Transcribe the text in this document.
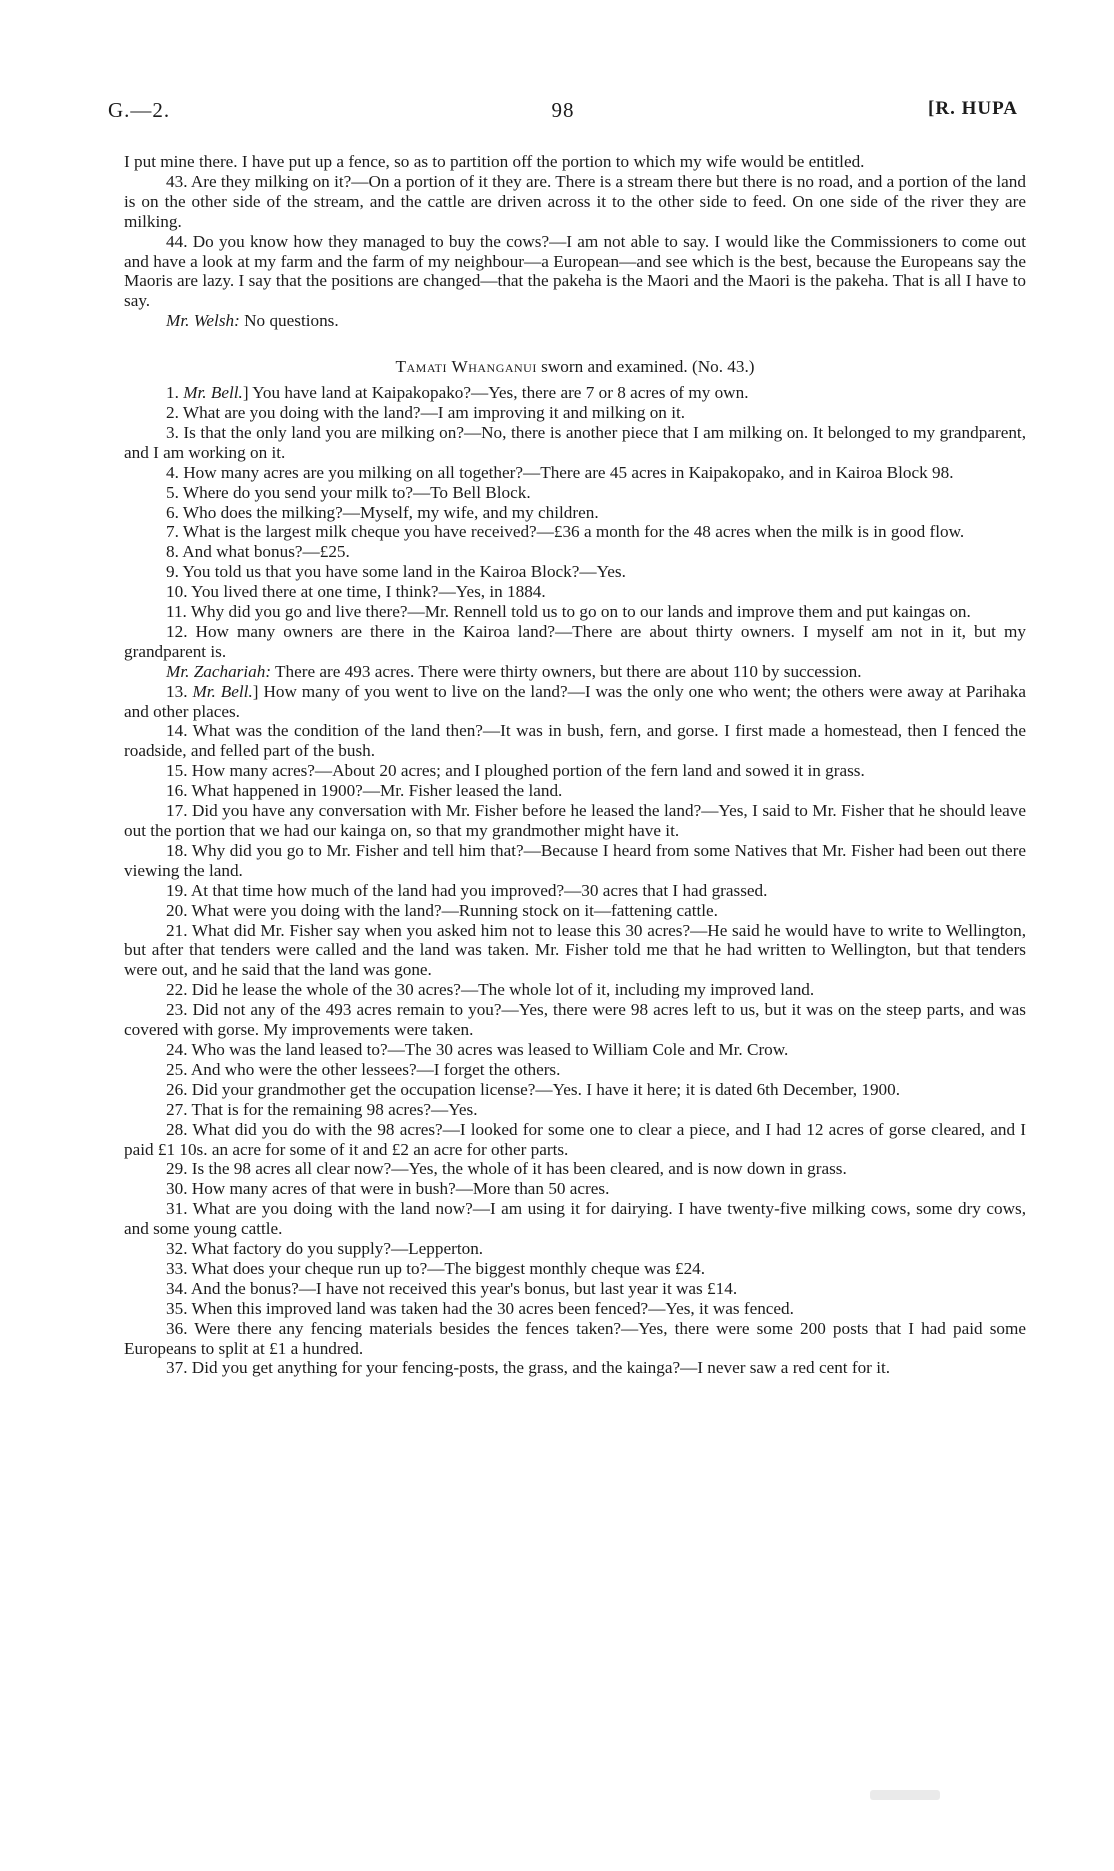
G.—2.	98	[R. HUPA

I put mine there. I have put up a fence, so as to partition off the portion to which my wife would be entitled.

43. Are they milking on it?—On a portion of it they are. There is a stream there but there is no road, and a portion of the land is on the other side of the stream, and the cattle are driven across it to the other side to feed. On one side of the river they are milking.

44. Do you know how they managed to buy the cows?—I am not able to say. I would like the Commissioners to come out and have a look at my farm and the farm of my neighbour—a European—and see which is the best, because the Europeans say the Maoris are lazy. I say that the positions are changed—that the pakeha is the Maori and the Maori is the pakeha. That is all I have to say.

Mr. Welsh: No questions.

Tamati Whanganui sworn and examined. (No. 43.)

1. Mr. Bell.] You have land at Kaipakopako?—Yes, there are 7 or 8 acres of my own.

2. What are you doing with the land?—I am improving it and milking on it.

3. Is that the only land you are milking on?—No, there is another piece that I am milking on. It belonged to my grandparent, and I am working on it.

4. How many acres are you milking on all together?—There are 45 acres in Kaipakopako, and in Kairoa Block 98.

5. Where do you send your milk to?—To Bell Block.

6. Who does the milking?—Myself, my wife, and my children.

7. What is the largest milk cheque you have received?—£36 a month for the 48 acres when the milk is in good flow.

8. And what bonus?—£25.

9. You told us that you have some land in the Kairoa Block?—Yes.

10. You lived there at one time, I think?—Yes, in 1884.

11. Why did you go and live there?—Mr. Rennell told us to go on to our lands and improve them and put kaingas on.

12. How many owners are there in the Kairoa land?—There are about thirty owners. I myself am not in it, but my grandparent is.

Mr. Zachariah: There are 493 acres. There were thirty owners, but there are about 110 by succession.

13. Mr. Bell.] How many of you went to live on the land?—I was the only one who went; the others were away at Parihaka and other places.

14. What was the condition of the land then?—It was in bush, fern, and gorse. I first made a homestead, then I fenced the roadside, and felled part of the bush.

15. How many acres?—About 20 acres; and I ploughed portion of the fern land and sowed it in grass.

16. What happened in 1900?—Mr. Fisher leased the land.

17. Did you have any conversation with Mr. Fisher before he leased the land?—Yes, I said to Mr. Fisher that he should leave out the portion that we had our kainga on, so that my grandmother might have it.

18. Why did you go to Mr. Fisher and tell him that?—Because I heard from some Natives that Mr. Fisher had been out there viewing the land.

19. At that time how much of the land had you improved?—30 acres that I had grassed.

20. What were you doing with the land?—Running stock on it—fattening cattle.

21. What did Mr. Fisher say when you asked him not to lease this 30 acres?—He said he would have to write to Wellington, but after that tenders were called and the land was taken. Mr. Fisher told me that he had written to Wellington, but that tenders were out, and he said that the land was gone.

22. Did he lease the whole of the 30 acres?—The whole lot of it, including my improved land.

23. Did not any of the 493 acres remain to you?—Yes, there were 98 acres left to us, but it was on the steep parts, and was covered with gorse. My improvements were taken.

24. Who was the land leased to?—The 30 acres was leased to William Cole and Mr. Crow.

25. And who were the other lessees?—I forget the others.

26. Did your grandmother get the occupation license?—Yes. I have it here; it is dated 6th December, 1900.

27. That is for the remaining 98 acres?—Yes.

28. What did you do with the 98 acres?—I looked for some one to clear a piece, and I had 12 acres of gorse cleared, and I paid £1 10s. an acre for some of it and £2 an acre for other parts.

29. Is the 98 acres all clear now?—Yes, the whole of it has been cleared, and is now down in grass.

30. How many acres of that were in bush?—More than 50 acres.

31. What are you doing with the land now?—I am using it for dairying. I have twenty-five milking cows, some dry cows, and some young cattle.

32. What factory do you supply?—Lepperton.

33. What does your cheque run up to?—The biggest monthly cheque was £24.

34. And the bonus?—I have not received this year's bonus, but last year it was £14.

35. When this improved land was taken had the 30 acres been fenced?—Yes, it was fenced.

36. Were there any fencing materials besides the fences taken?—Yes, there were some 200 posts that I had paid some Europeans to split at £1 a hundred.

37. Did you get anything for your fencing-posts, the grass, and the kainga?—I never saw a red cent for it.
